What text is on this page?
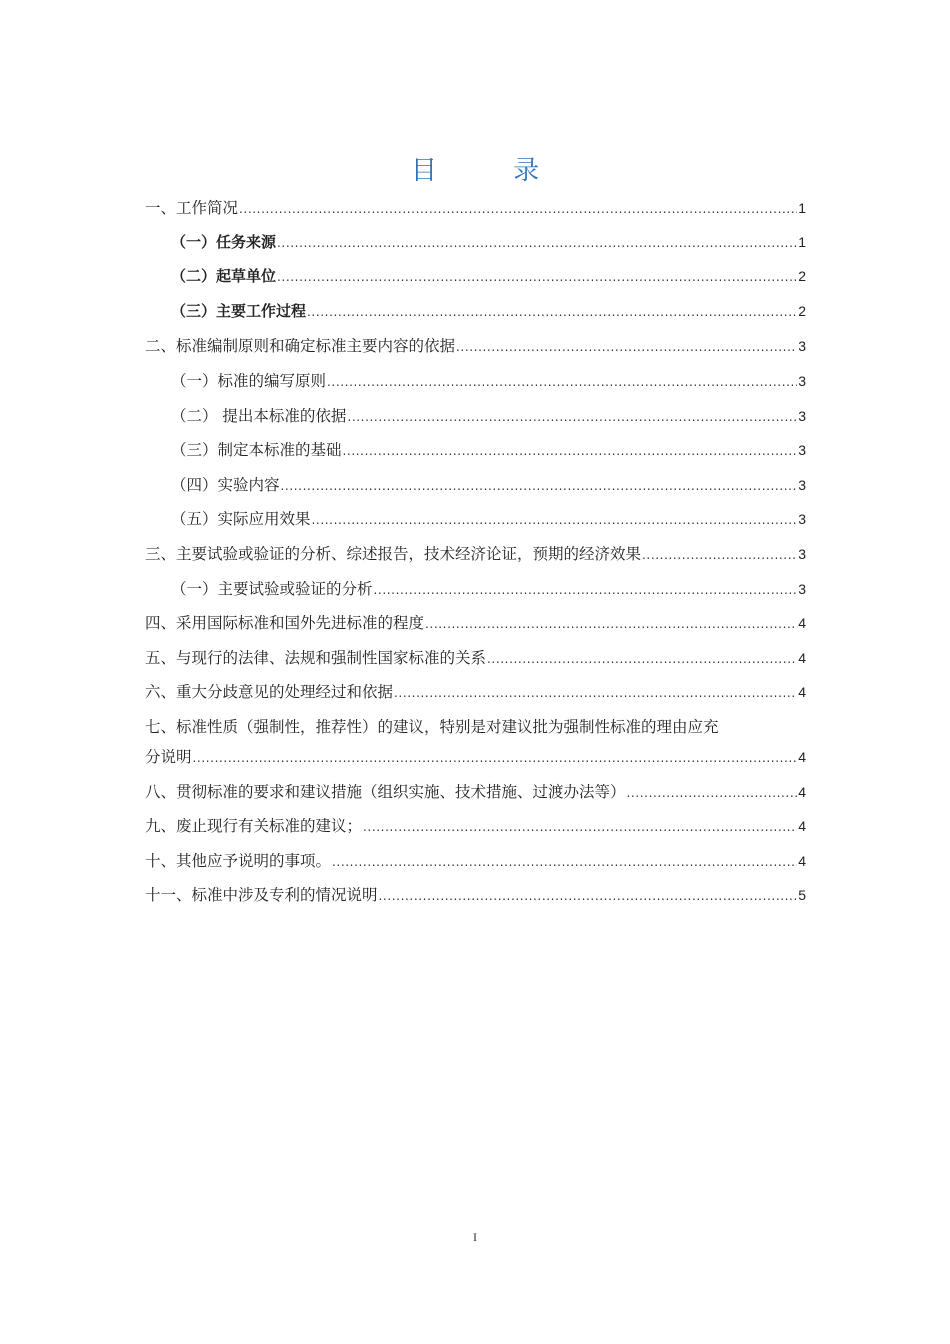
目 录
一、工作简况 .....	1
（一）任务来源 .....	1
（二）起草单位 .....	2
（三）主要工作过程 .....	2
二、标准编制原则和确定标准主要内容的依据 .....	3
（一）标准的编写原则 .....	3
（二） 提出本标准的依据 .....	3
（三）制定本标准的基础 .....	3
（四）实验内容 .....	3
（五）实际应用效果 .....	3
三、主要试验或验证的分析、综述报告，技术经济论证，预期的经济效果 .....	3
（一）主要试验或验证的分析 .....	3
四、采用国际标准和国外先进标准的程度 .....	4
五、与现行的法律、法规和强制性国家标准的关系 .....	4
六、重大分歧意见的处理经过和依据 .....	4
七、标准性质（强制性，推荐性）的建议，特别是对建议批为强制性标准的理由应充
分说明 .....	4
八、贯彻标准的要求和建议措施（组织实施、技术措施、过渡办法等） .....	4
九、废止现行有关标准的建议； .....	4
十、其他应予说明的事项。 .....	4
十一、标准中涉及专利的情况说明 .....	5
I
